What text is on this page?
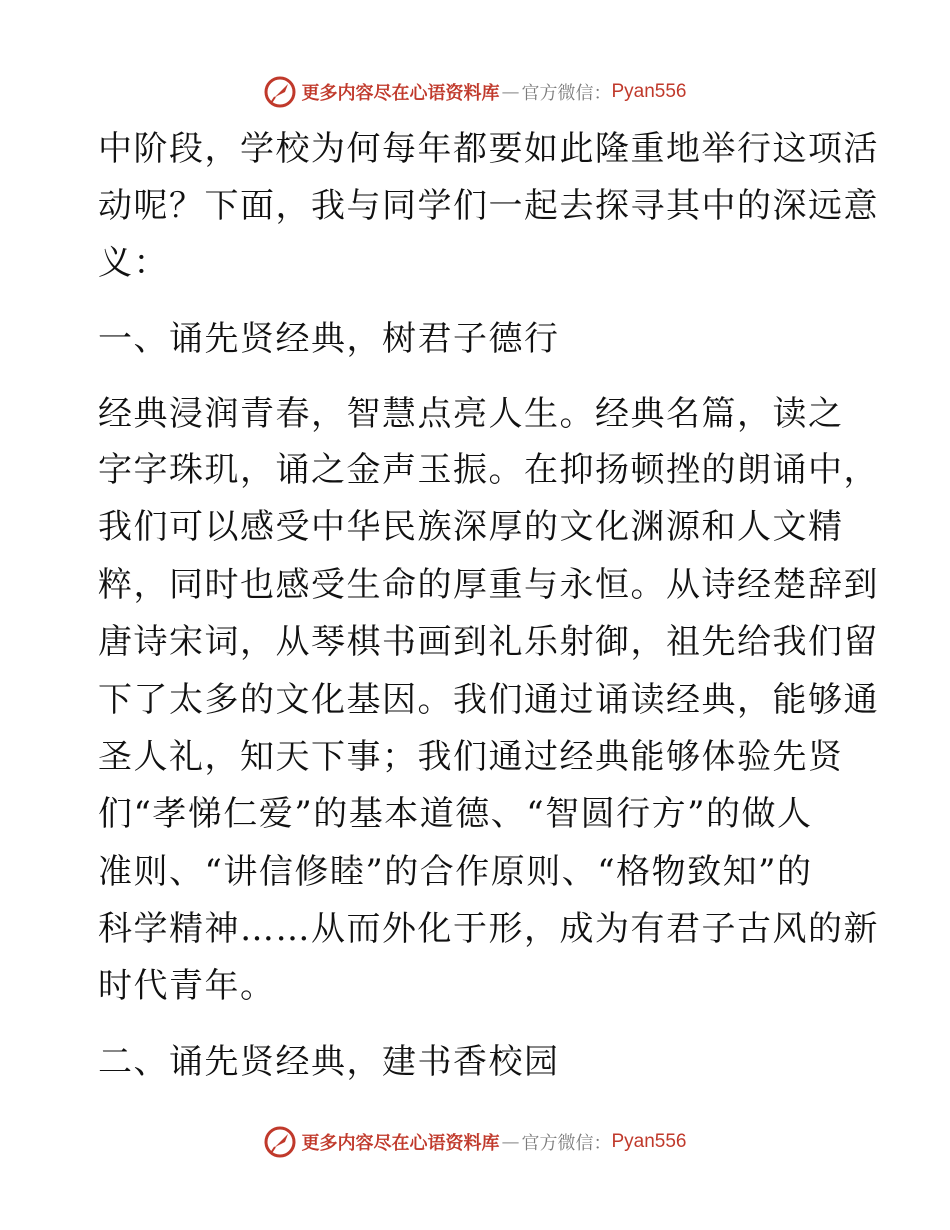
更多内容尽在心语资料库 — 官方微信： Pyan556
中阶段，学校为何每年都要如此隆重地举行这项活
动呢？下面，我与同学们一起去探寻其中的深远意
义：
一、诵先贤经典，树君子德行
经典浸润青春，智慧点亮人生。经典名篇，读之
字字珠玑，诵之金声玉振。在抑扬顿挫的朗诵中，
我们可以感受中华民族深厚的文化渊源和人文精
粹，同时也感受生命的厚重与永恒。从诗经楚辞到
唐诗宋词，从琴棋书画到礼乐射御，祖先给我们留
下了太多的文化基因。我们通过诵读经典，能够通
圣人礼，知天下事；我们通过经典能够体验先贤
们“孝悌仁爱”的基本道德、“智圆行方”的做人
准则、“讲信修睦”的合作原则、“格物致知”的
科学精神……从而外化于形，成为有君子古风的新
时代青年。
二、诵先贤经典，建书香校园
更多内容尽在心语资料库 — 官方微信： Pyan556
